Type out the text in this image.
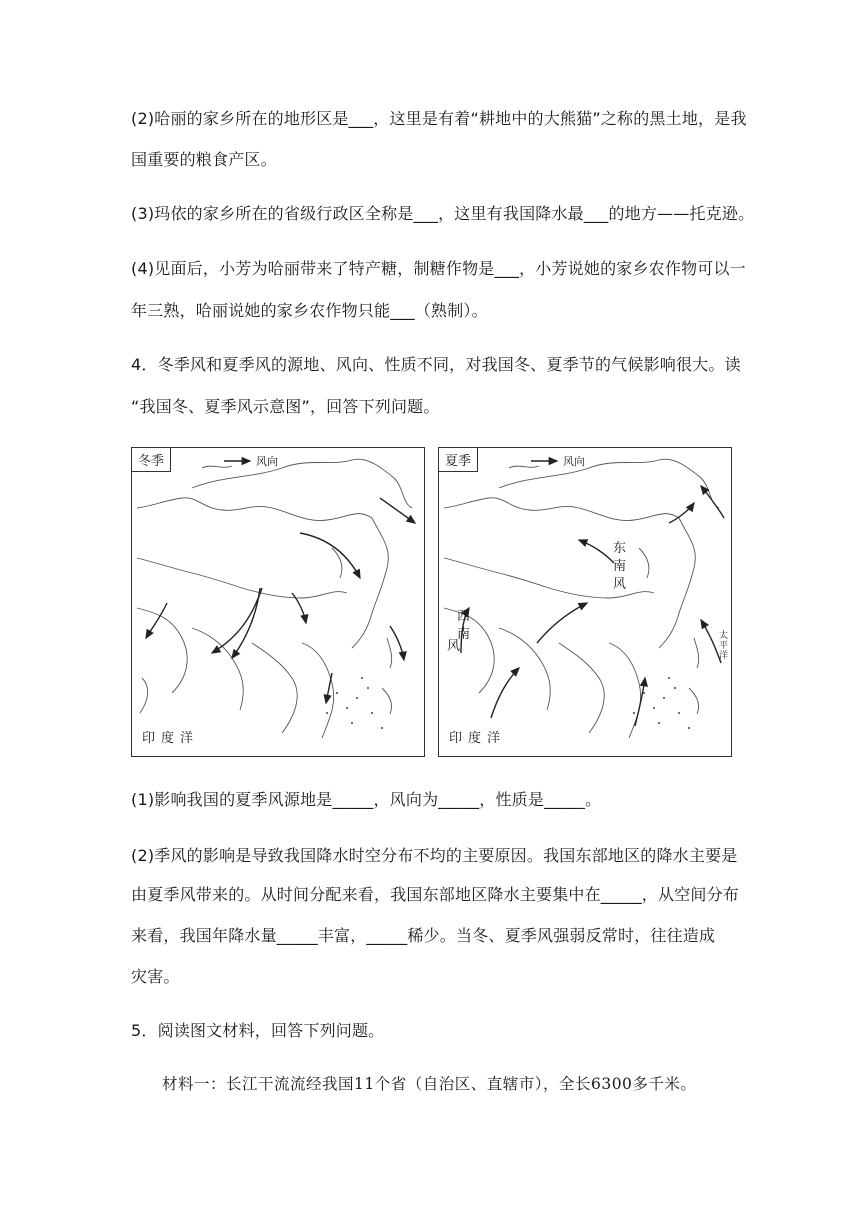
(2)哈丽的家乡所在的地形区是___，这里是有着“耕地中的大熊猫”之称的黑土地，是我
国重要的粮食产区。
(3)玛依的家乡所在的省级行政区全称是___，这里有我国降水最___的地方——托克逊。
(4)见面后，小芳为哈丽带来了特产糖，制糖作物是___，小芳说她的家乡农作物可以一
年三熟，哈丽说她的家乡农作物只能___（熟制）。
4．冬季风和夏季风的源地、风向、性质不同，对我国冬、夏季节的气候影响很大。读
“我国冬、夏季风示意图”，回答下列问题。
冬季	风向
印度洋
夏季	风向
东
南
风
西
南
风
太
平
洋
印度洋
(1)影响我国的夏季风源地是_____，风向为_____，性质是_____。
(2)季风的影响是导致我国降水时空分布不均的主要原因。我国东部地区的降水主要是
由夏季风带来的。从时间分配来看，我国东部地区降水主要集中在_____，从空间分布
来看，我国年降水量_____丰富，_____稀少。当冬、夏季风强弱反常时，往往造成
灾害。
5．阅读图文材料，回答下列问题。
材料一：长江干流流经我国11个省（自治区、直辖市），全长6300多千米。
